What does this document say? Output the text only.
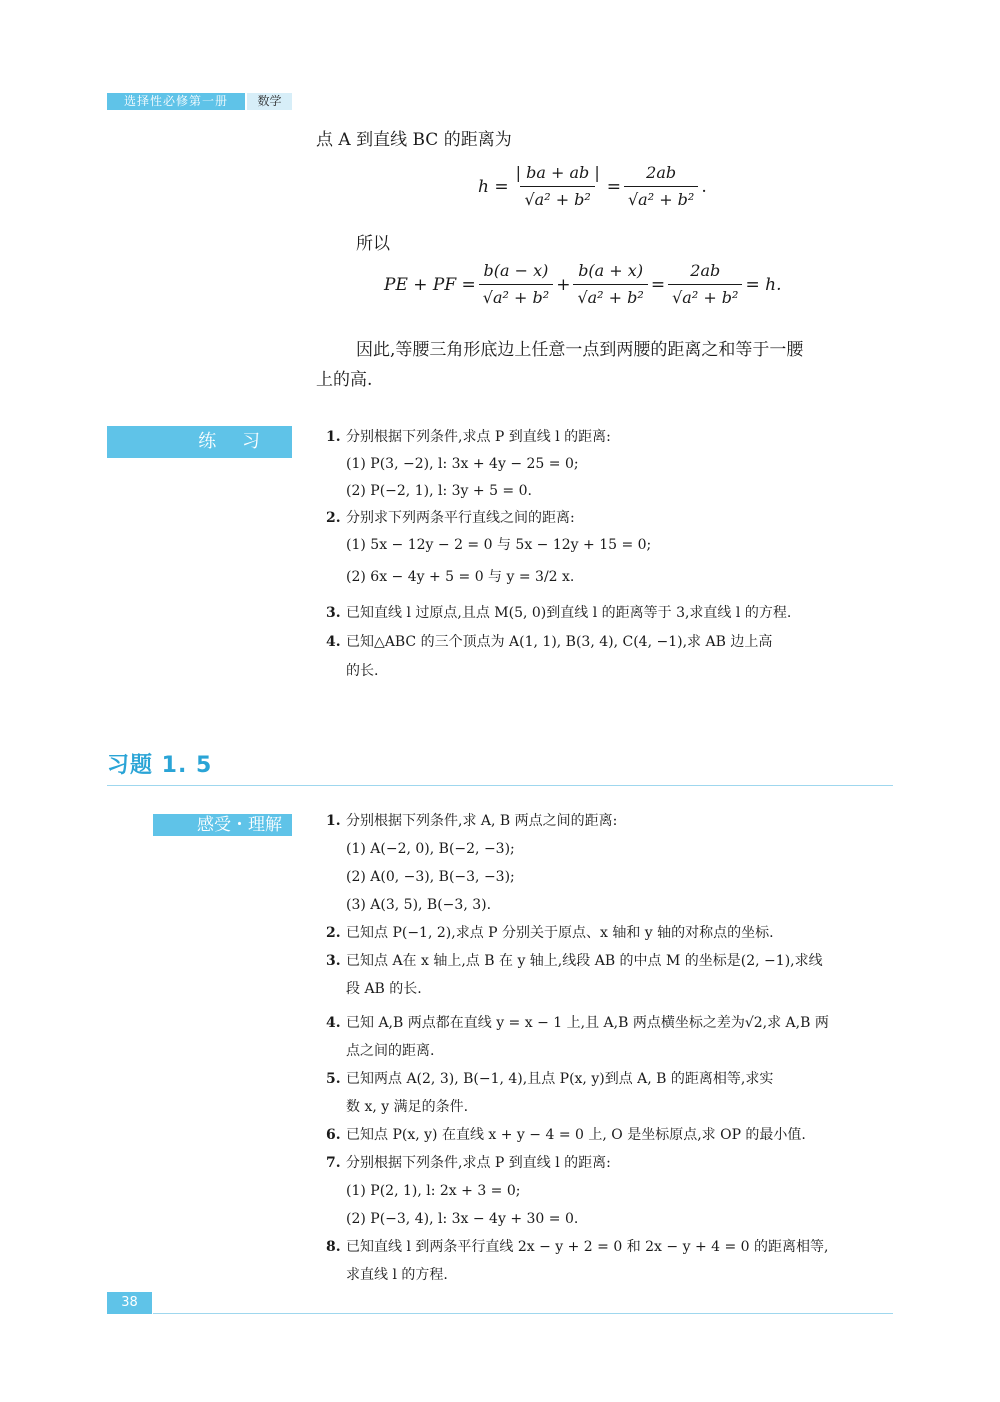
选择性必修第一册	数学
点 A 到直线 BC 的距离为
$h = \frac{| ba + ab |}{\text{√a² + b²}} = \frac{2ab}{\text{√a² + b²}}$ .
所以
PE + PF = $\frac{b(a - x)}{\text{√a² + b²}} + \frac{b(a + x)}{\text{√a² + b²}} = \frac{2ab}{\text{√a² + b²}} = h$.
因此,等腰三角形底边上任意一点到两腰的距离之和等于一腰
上的高.
练 习	1. 分别根据下列条件,求点 P 到直线 l 的距离:
(1) P(3, −2), l: 3x + 4y − 25 = 0;
(2) P(−2, 1), l: 3y + 5 = 0.
2. 分别求下列两条平行直线之间的距离:
(1) 5x − 12y − 2 = 0 与 5x − 12y + 15 = 0;
(2) 6x − 4y + 5 = 0 与 y = 3/2 x.
3. 已知直线 l 过原点,且点 M(5, 0)到直线 l 的距离等于 3,求直线 l 的方程.
4. 已知△ABC 的三个顶点为 A(1, 1), B(3, 4), C(4, −1),求 AB 边上高
的长.
习题 1. 5
感受・理解	1. 分别根据下列条件,求 A, B 两点之间的距离:
(1) A(−2, 0), B(−2, −3);
(2) A(0, −3), B(−3, −3);
(3) A(3, 5), B(−3, 3).
2. 已知点 P(−1, 2),求点 P 分别关于原点、x 轴和 y 轴的对称点的坐标.
3. 已知点 A在 x 轴上,点 B 在 y 轴上,线段 AB 的中点 M 的坐标是(2, −1),求线
段 AB 的长.
4. 已知 A,B 两点都在直线 y = x − 1 上,且 A,B 两点横坐标之差为√2,求 A,B 两
点之间的距离.
5. 已知两点 A(2, 3), B(−1, 4),且点 P(x, y)到点 A, B 的距离相等,求实
数 x, y 满足的条件.
6. 已知点 P(x, y) 在直线 x + y − 4 = 0 上, O 是坐标原点,求 OP 的最小值.
7. 分别根据下列条件,求点 P 到直线 l 的距离:
(1) P(2, 1), l: 2x + 3 = 0;
(2) P(−3, 4), l: 3x − 4y + 30 = 0.
8. 已知直线 l 到两条平行直线 2x − y + 2 = 0 和 2x − y + 4 = 0 的距离相等,
求直线 l 的方程.
38
